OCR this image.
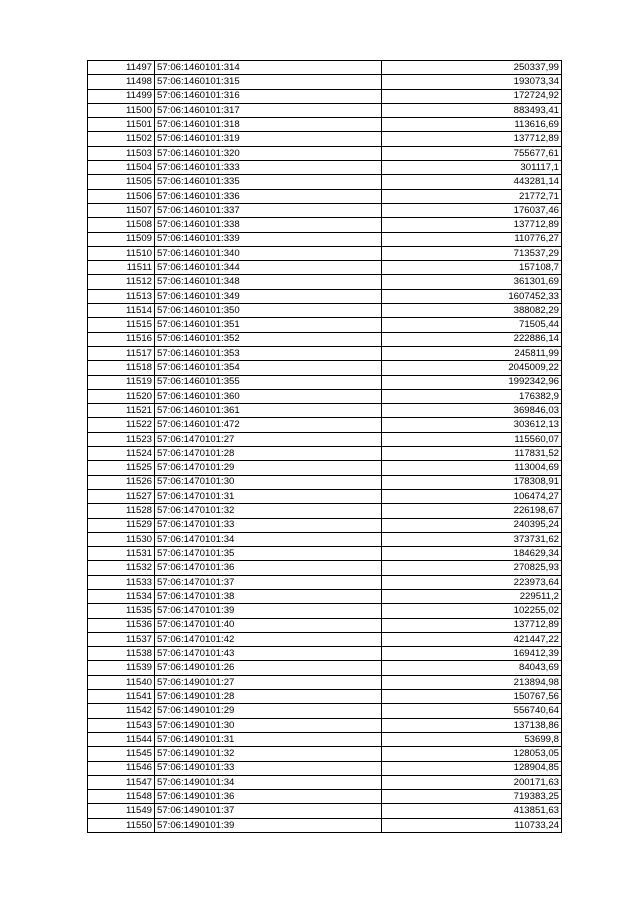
11497	57:06:1460101:314	250337,99
11498	57:06:1460101:315	193073,34
11499	57:06:1460101:316	172724,92
11500	57:06:1460101:317	883493,41
11501	57:06:1460101:318	113616,69
11502	57:06:1460101:319	137712,89
11503	57:06:1460101:320	755677,61
11504	57:06:1460101:333	301117,1
11505	57:06:1460101:335	443281,14
11506	57:06:1460101:336	21772,71
11507	57:06:1460101:337	176037,46
11508	57:06:1460101:338	137712,89
11509	57:06:1460101:339	110776,27
11510	57:06:1460101:340	713537,29
11511	57:06:1460101:344	157108,7
11512	57:06:1460101:348	361301,69
11513	57:06:1460101:349	1607452,33
11514	57:06:1460101:350	388082,29
11515	57:06:1460101:351	71505,44
11516	57:06:1460101:352	222886,14
11517	57:06:1460101:353	245811,99
11518	57:06:1460101:354	2045009,22
11519	57:06:1460101:355	1992342,96
11520	57:06:1460101:360	176382,9
11521	57:06:1460101:361	369846,03
11522	57:06:1460101:472	303612,13
11523	57:06:1470101:27	115560,07
11524	57:06:1470101:28	117831,52
11525	57:06:1470101:29	113004,69
11526	57:06:1470101:30	178308,91
11527	57:06:1470101:31	106474,27
11528	57:06:1470101:32	226198,67
11529	57:06:1470101:33	240395,24
11530	57:06:1470101:34	373731,62
11531	57:06:1470101:35	184629,34
11532	57:06:1470101:36	270825,93
11533	57:06:1470101:37	223973,64
11534	57:06:1470101:38	229511,2
11535	57:06:1470101:39	102255,02
11536	57:06:1470101:40	137712,89
11537	57:06:1470101:42	421447,22
11538	57:06:1470101:43	169412,39
11539	57:06:1490101:26	84043,69
11540	57:06:1490101:27	213894,98
11541	57:06:1490101:28	150767,56
11542	57:06:1490101:29	556740,64
11543	57:06:1490101:30	137138,86
11544	57:06:1490101:31	53699,8
11545	57:06:1490101:32	128053,05
11546	57:06:1490101:33	128904,85
11547	57:06:1490101:34	200171,63
11548	57:06:1490101:36	719383,25
11549	57:06:1490101:37	413851,63
11550	57:06:1490101:39	110733,24
